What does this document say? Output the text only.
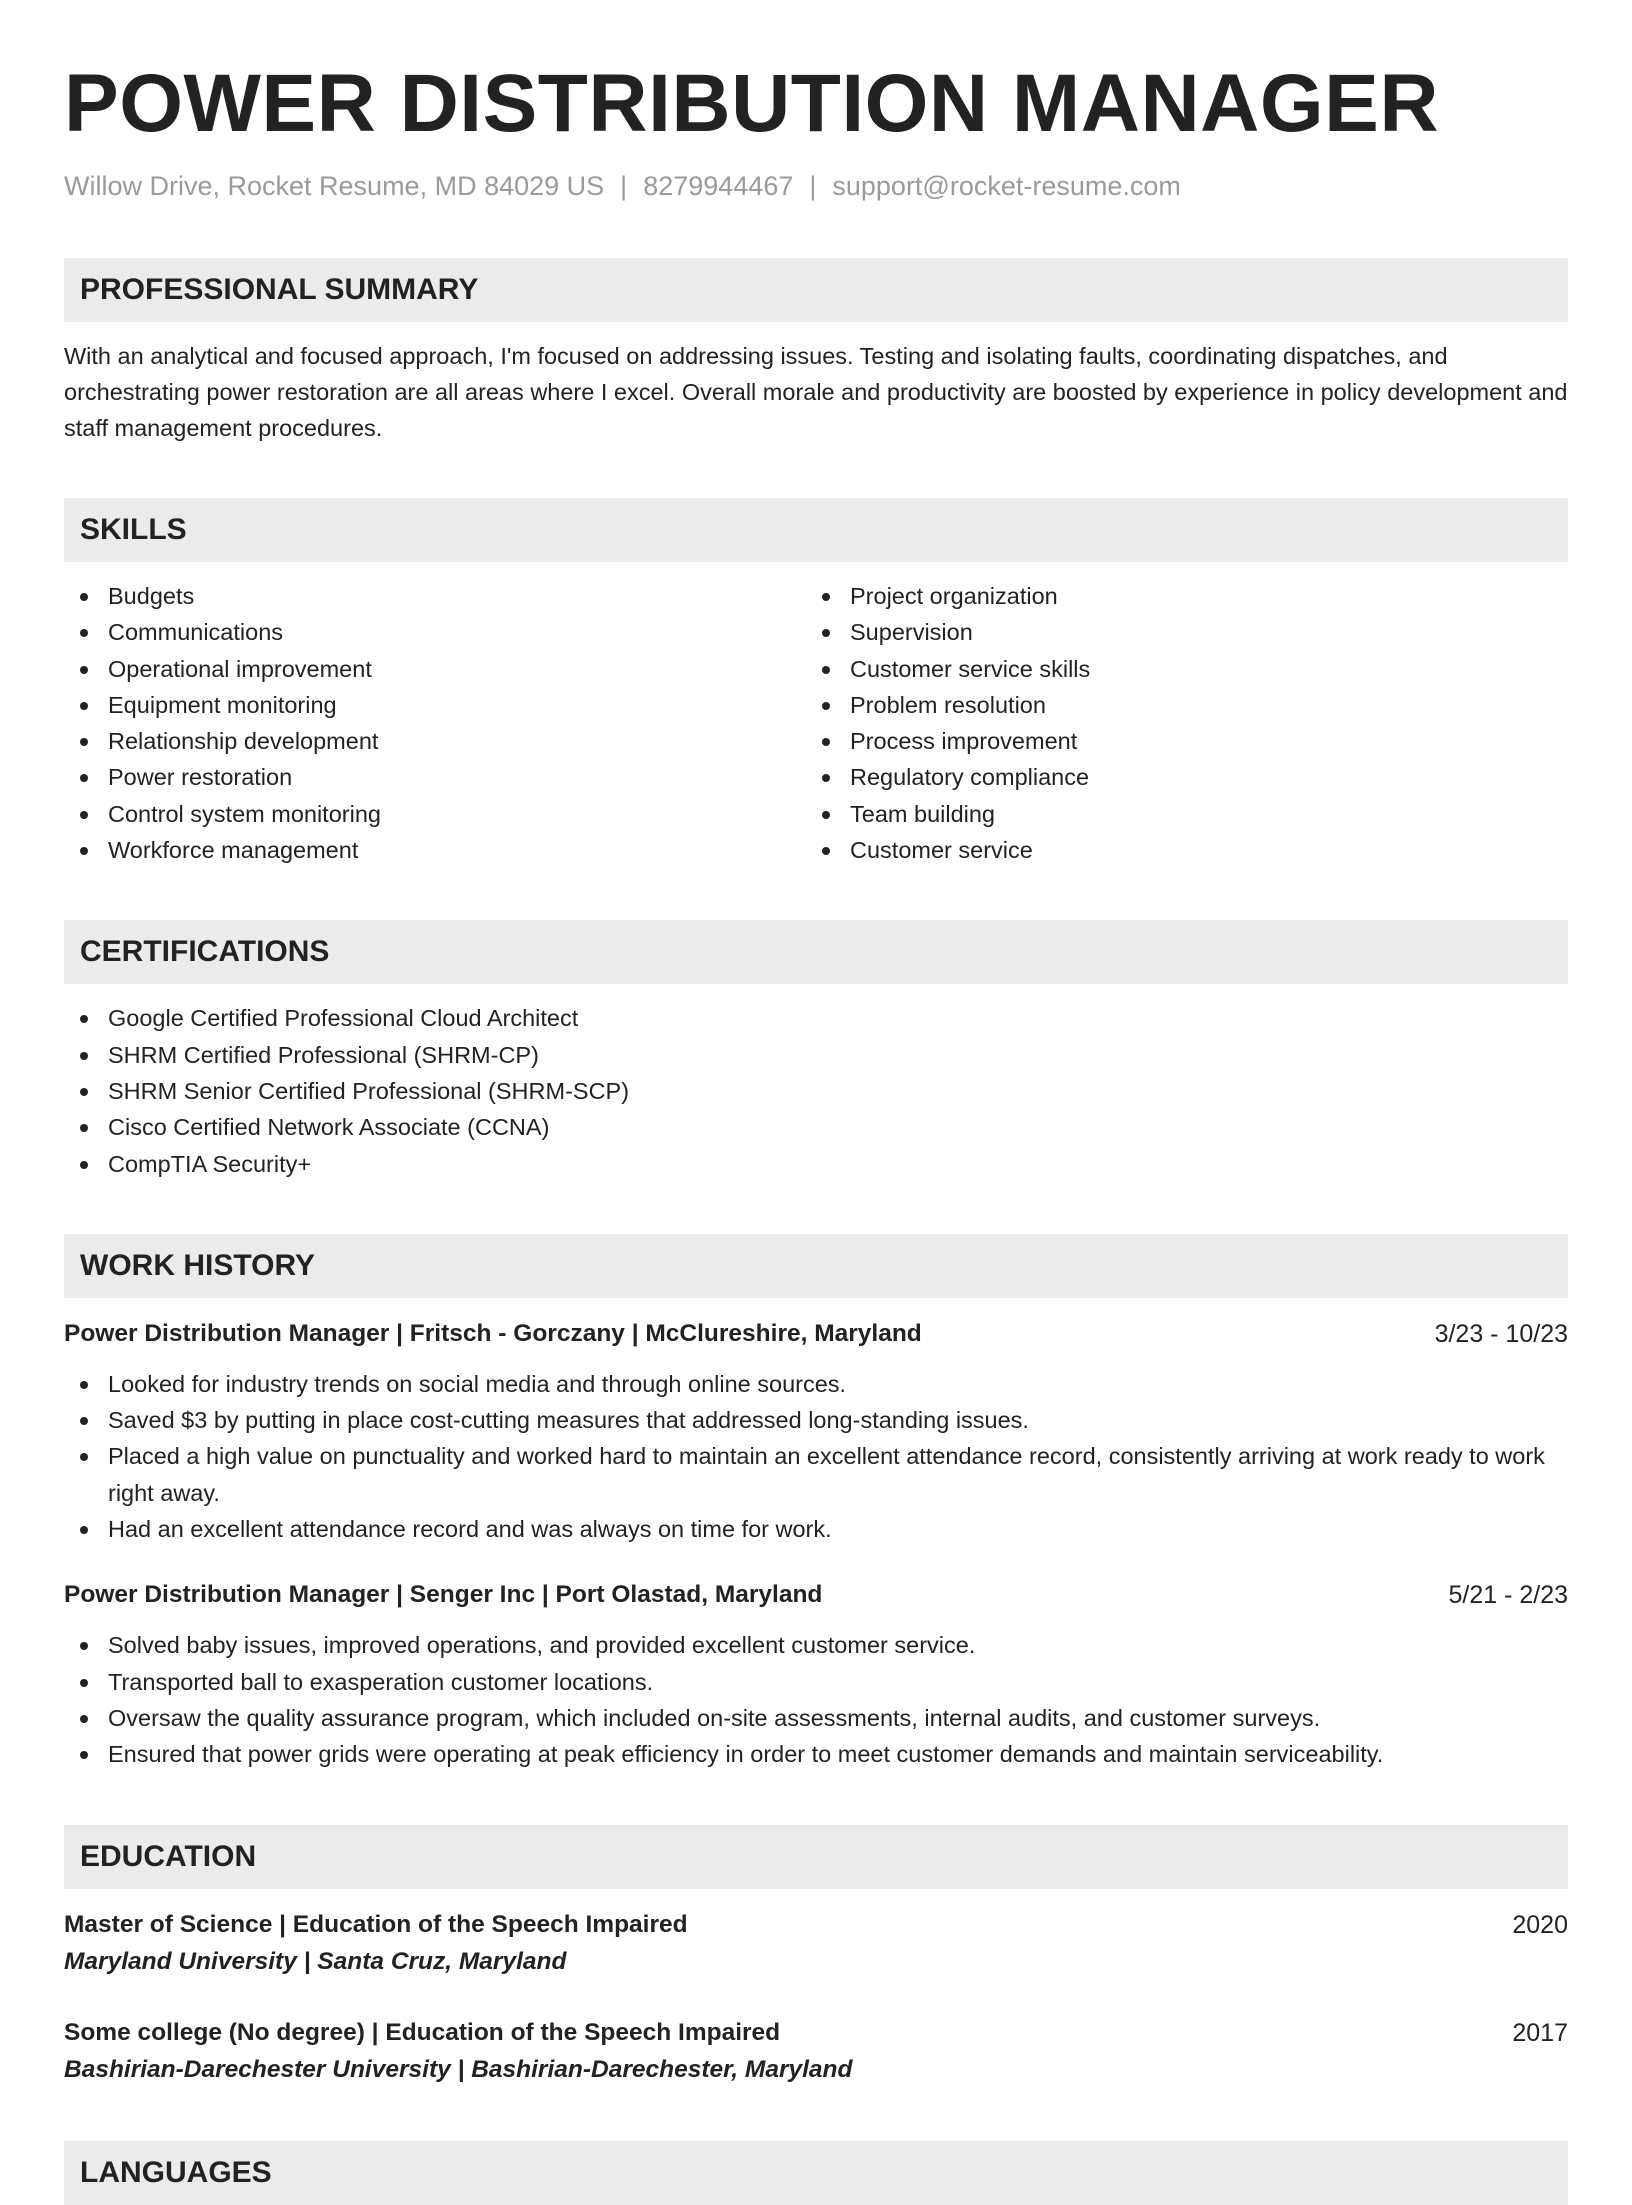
POWER DISTRIBUTION MANAGER
Willow Drive, Rocket Resume, MD 84029 US | 8279944467 | support@rocket-resume.com
PROFESSIONAL SUMMARY
With an analytical and focused approach, I'm focused on addressing issues. Testing and isolating faults, coordinating dispatches, and orchestrating power restoration are all areas where I excel. Overall morale and productivity are boosted by experience in policy development and staff management procedures.
SKILLS
Budgets
Communications
Operational improvement
Equipment monitoring
Relationship development
Power restoration
Control system monitoring
Workforce management
Project organization
Supervision
Customer service skills
Problem resolution
Process improvement
Regulatory compliance
Team building
Customer service
CERTIFICATIONS
Google Certified Professional Cloud Architect
SHRM Certified Professional (SHRM-CP)
SHRM Senior Certified Professional (SHRM-SCP)
Cisco Certified Network Associate (CCNA)
CompTIA Security+
WORK HISTORY
Power Distribution Manager | Fritsch - Gorczany | McClureshire, Maryland	3/23 - 10/23
Looked for industry trends on social media and through online sources.
Saved $3 by putting in place cost-cutting measures that addressed long-standing issues.
Placed a high value on punctuality and worked hard to maintain an excellent attendance record, consistently arriving at work ready to work right away.
Had an excellent attendance record and was always on time for work.
Power Distribution Manager | Senger Inc | Port Olastad, Maryland	5/21 - 2/23
Solved baby issues, improved operations, and provided excellent customer service.
Transported ball to exasperation customer locations.
Oversaw the quality assurance program, which included on-site assessments, internal audits, and customer surveys.
Ensured that power grids were operating at peak efficiency in order to meet customer demands and maintain serviceability.
EDUCATION
Master of Science | Education of the Speech Impaired	2020
Maryland University | Santa Cruz, Maryland
Some college (No degree) | Education of the Speech Impaired	2017
Bashirian-Darechester University | Bashirian-Darechester, Maryland
LANGUAGES
